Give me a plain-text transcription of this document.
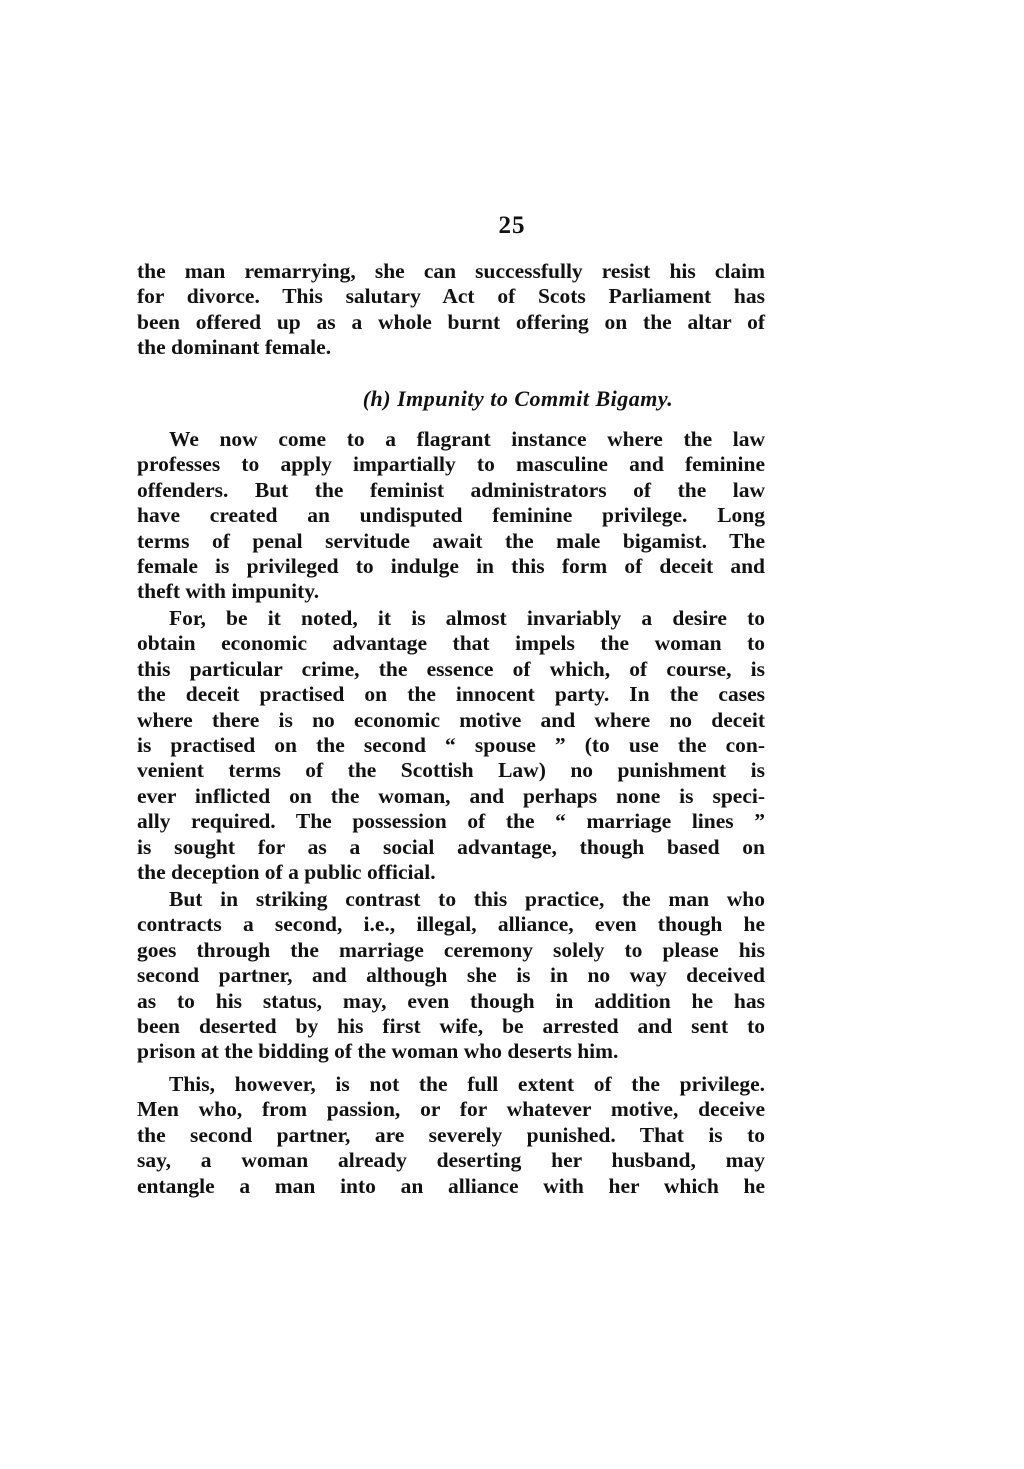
25
the man remarrying, she can successfully resist his claim
for divorce. This salutary Act of Scots Parliament has
been offered up as a whole burnt offering on the altar of
the dominant female.
(h) Impunity to Commit Bigamy.
We now come to a flagrant instance where the law
professes to apply impartially to masculine and feminine
offenders. But the feminist administrators of the law
have created an undisputed feminine privilege. Long
terms of penal servitude await the male bigamist. The
female is privileged to indulge in this form of deceit and
theft with impunity.
For, be it noted, it is almost invariably a desire to
obtain economic advantage that impels the woman to
this particular crime, the essence of which, of course, is
the deceit practised on the innocent party. In the cases
where there is no economic motive and where no deceit
is practised on the second “ spouse ” (to use the con-
venient terms of the Scottish Law) no punishment is
ever inflicted on the woman, and perhaps none is speci-
ally required. The possession of the “ marriage lines ”
is sought for as a social advantage, though based on
the deception of a public official.
But in striking contrast to this practice, the man who
contracts a second, i.e., illegal, alliance, even though he
goes through the marriage ceremony solely to please his
second partner, and although she is in no way deceived
as to his status, may, even though in addition he has
been deserted by his first wife, be arrested and sent to
prison at the bidding of the woman who deserts him.
This, however, is not the full extent of the privilege.
Men who, from passion, or for whatever motive, deceive
the second partner, are severely punished. That is to
say, a woman already deserting her husband, may
entangle a man into an alliance with her which he
